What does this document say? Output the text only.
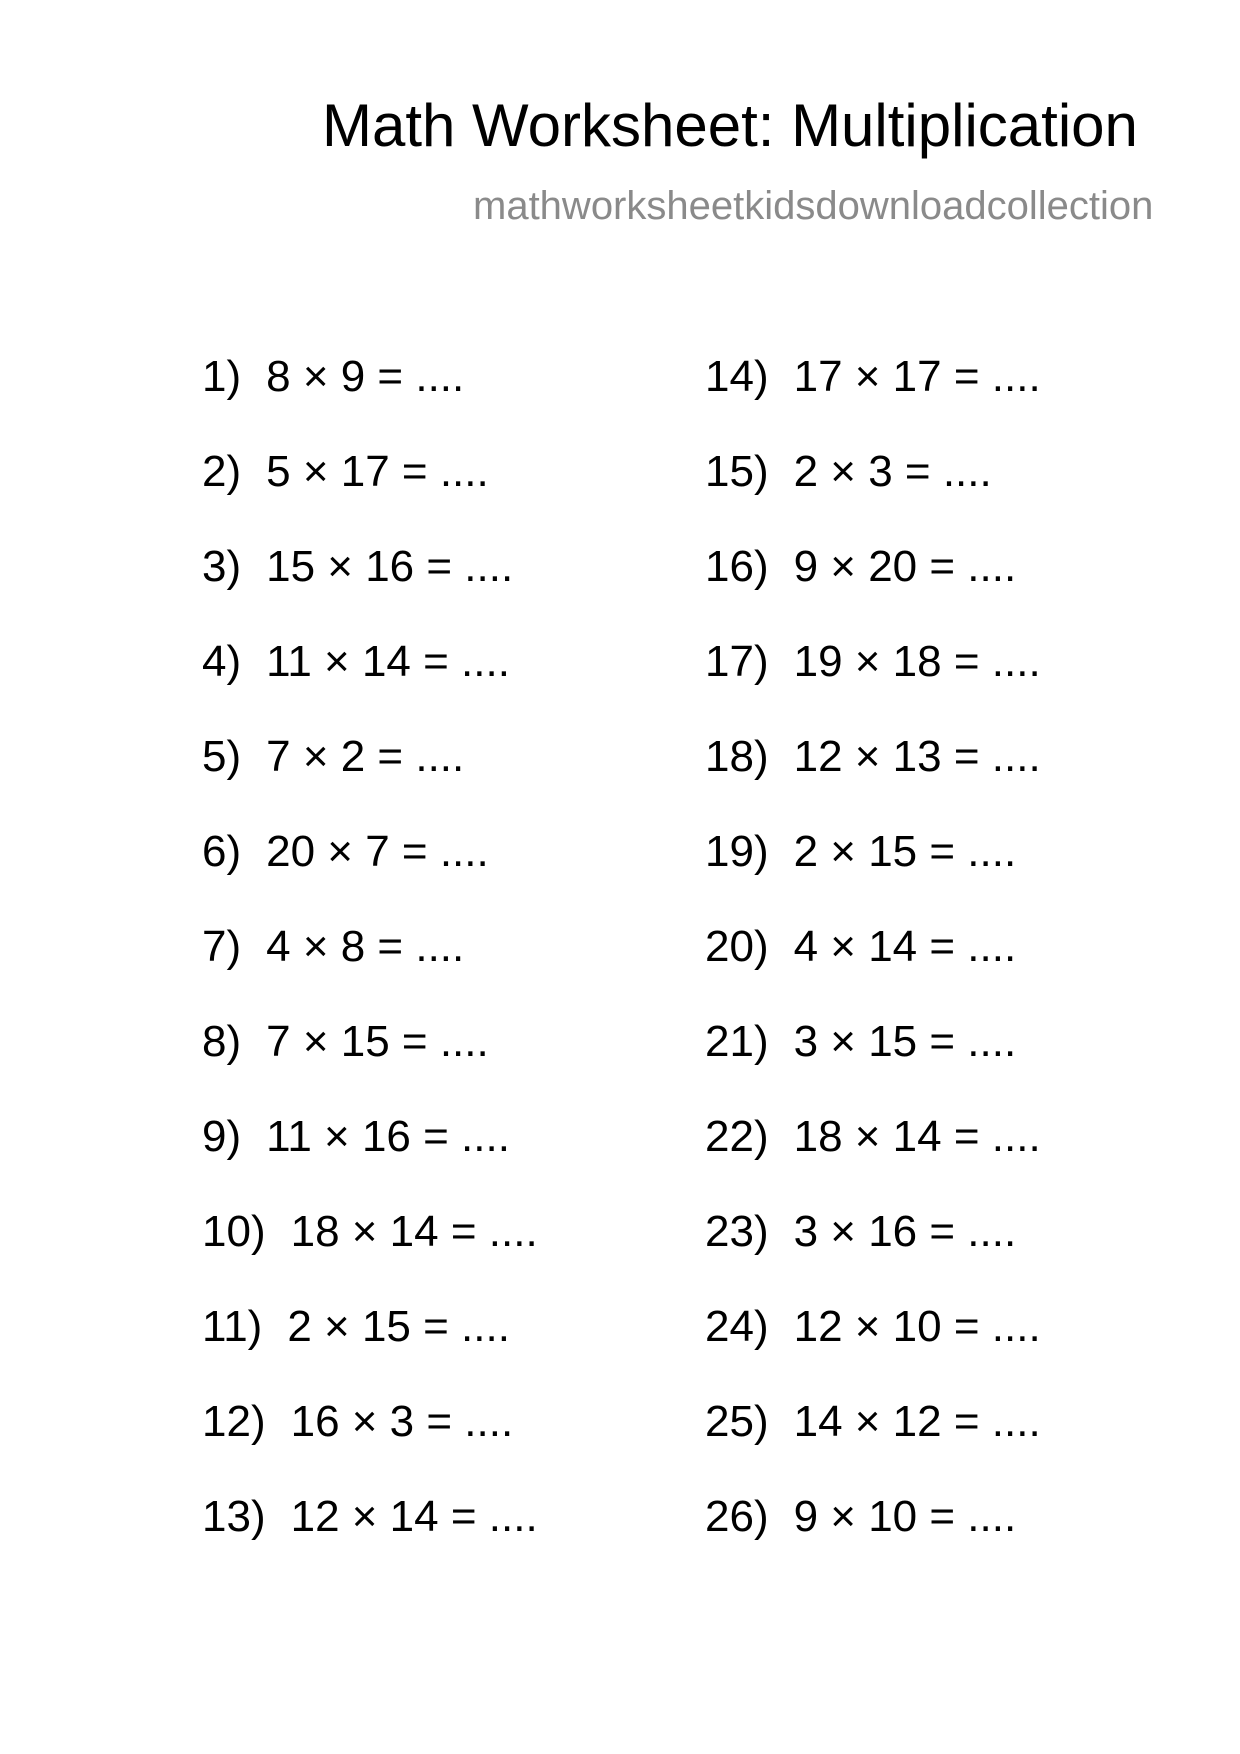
Math Worksheet: Multiplication
mathworksheetkidsdownloadcollection
1) 8 × 9 = ....
2) 5 × 17 = ....
3) 15 × 16 = ....
4) 11 × 14 = ....
5) 7 × 2 = ....
6) 20 × 7 = ....
7) 4 × 8 = ....
8) 7 × 15 = ....
9) 11 × 16 = ....
10) 18 × 14 = ....
11) 2 × 15 = ....
12) 16 × 3 = ....
13) 12 × 14 = ....
14) 17 × 17 = ....
15) 2 × 3 = ....
16) 9 × 20 = ....
17) 19 × 18 = ....
18) 12 × 13 = ....
19) 2 × 15 = ....
20) 4 × 14 = ....
21) 3 × 15 = ....
22) 18 × 14 = ....
23) 3 × 16 = ....
24) 12 × 10 = ....
25) 14 × 12 = ....
26) 9 × 10 = ....
